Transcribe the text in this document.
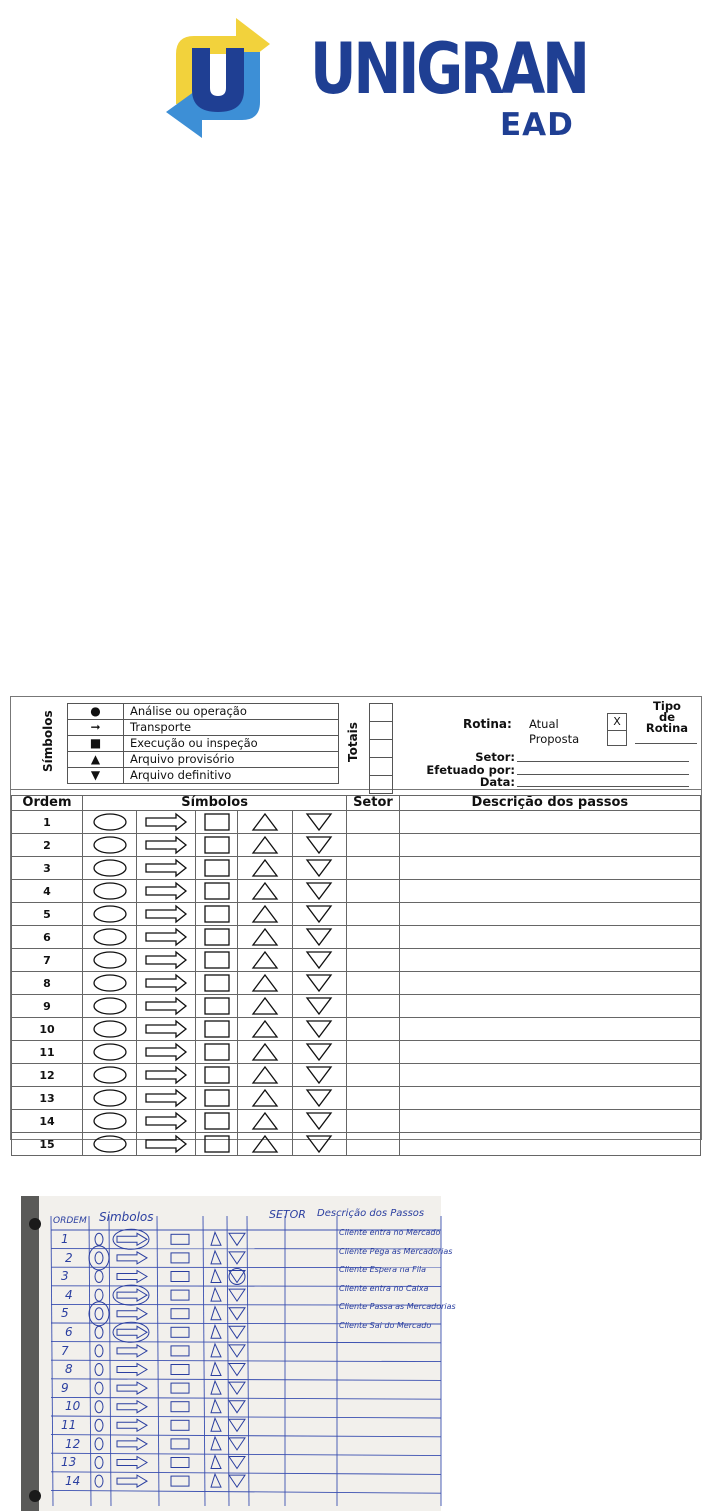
UNIGRAN
EAD
Símbolos	●	Análise ou operação
➞	Transporte
■	Execução ou inspeção
▲	Arquivo provisório
▼	Arquivo definitivo
Totais	Rotina: Atual
Proposta
X
Tipo
de
Rotina
Setor:
Efetuado por:
Data:
Ordem	Símbolos					Setor	Descrição dos passos
1	

2	

3	

4	

5	

6	

7	

8	

9	

10	

11	

12	

13	

14	

15	

ORDEM Simbolos	SETOR Descrição dos Passos
1	Cliente entra no Mercado
2	Cliente Pega as Mercadorias
3	Cliente Espera na Fila
4	Cliente entra no Caixa
5	Cliente Passa as Mercadorias
6	Cliente Sai do Mercado
7
8
9
10
11
12
13
14
